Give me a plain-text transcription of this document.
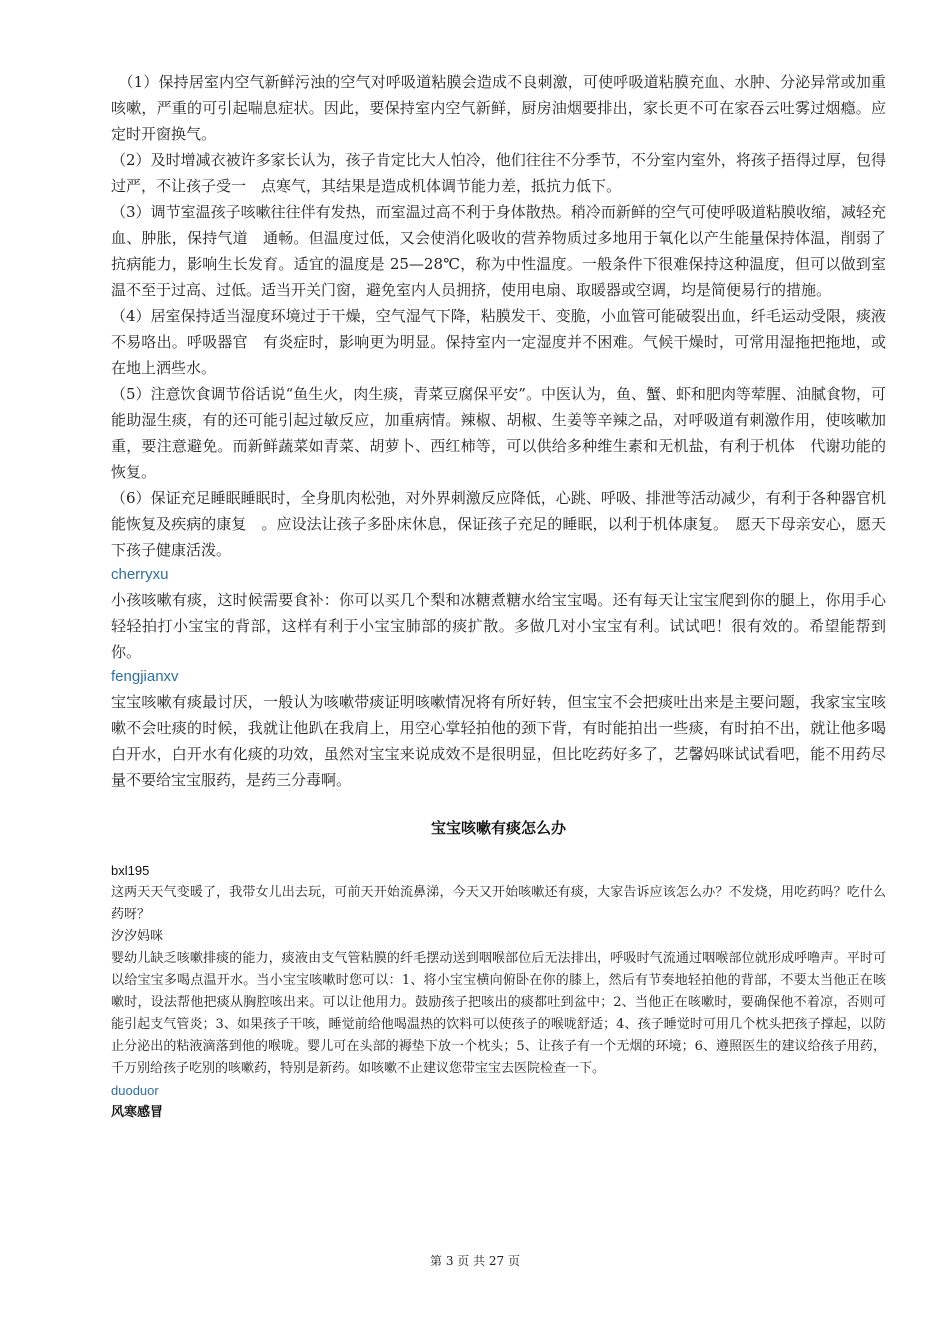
（1）保持居室内空气新鲜污浊的空气对呼吸道粘膜会造成不良刺激，可使呼吸道粘膜充血、水肿、分泌异常或加重咳嗽，严重的可引起喘息症状。因此，要保持室内空气新鲜，厨房油烟要排出，家长更不可在家吞云吐雾过烟瘾。应定时开窗换气。

（2）及时增减衣被许多家长认为，孩子肯定比大人怕冷，他们往往不分季节，不分室内室外，将孩子捂得过厚，包得过严，不让孩子受一　点寒气，其结果是造成机体调节能力差，抵抗力低下。

（3）调节室温孩子咳嗽往往伴有发热，而室温过高不利于身体散热。稍冷而新鲜的空气可使呼吸道粘膜收缩，减轻充血、肿胀，保持气道　通畅。但温度过低，又会使消化吸收的营养物质过多地用于氧化以产生能量保持体温，削弱了抗病能力，影响生长发育。适宜的温度是 25—28℃，称为中性温度。一般条件下很难保持这种温度，但可以做到室温不至于过高、过低。适当开关门窗，避免室内人员拥挤，使用电扇、取暖器或空调，均是简便易行的措施。

（4）居室保持适当湿度环境过于干燥，空气湿气下降，粘膜发干、变脆，小血管可能破裂出血，纤毛运动受限，痰液不易咯出。呼吸器官　有炎症时，影响更为明显。保持室内一定湿度并不困难。气候干燥时，可常用湿拖把拖地，或在地上洒些水。

（5）注意饮食调节俗话说“鱼生火，肉生痰，青菜豆腐保平安”。中医认为，鱼、蟹、虾和肥肉等荤腥、油腻食物，可能助湿生痰，有的还可能引起过敏反应，加重病情。辣椒、胡椒、生姜等辛辣之品，对呼吸道有刺激作用，使咳嗽加重，要注意避免。而新鲜蔬菜如青菜、胡萝卜、西红柿等，可以供给多种维生素和无机盐，有利于机体　代谢功能的恢复。

（6）保证充足睡眠睡眠时，全身肌肉松弛，对外界刺激反应降低，心跳、呼吸、排泄等活动减少，有利于各种器官机能恢复及疾病的康复　。应设法让孩子多卧床休息，保证孩子充足的睡眠，以利于机体康复。　愿天下母亲安心，愿天下孩子健康活泼。

cherryxu

小孩咳嗽有痰，这时候需要食补：你可以买几个梨和冰糖煮糖水给宝宝喝。还有每天让宝宝爬到你的腿上，你用手心轻轻拍打小宝宝的背部，这样有利于小宝宝肺部的痰扩散。多做几对小宝宝有利。试试吧！很有效的。希望能帮到你。

fengjianxv

宝宝咳嗽有痰最讨厌，一般认为咳嗽带痰证明咳嗽情况将有所好转，但宝宝不会把痰吐出来是主要问题，我家宝宝咳嗽不会吐痰的时候，我就让他趴在我肩上，用空心掌轻拍他的颈下背，有时能拍出一些痰，有时拍不出，就让他多喝白开水，白开水有化痰的功效，虽然对宝宝来说成效不是很明显，但比吃药好多了，艺馨妈咪试试看吧，能不用药尽量不要给宝宝服药，是药三分毒啊。

宝宝咳嗽有痰怎么办

bxl195

这两天天气变暖了，我带女儿出去玩，可前天开始流鼻涕，今天又开始咳嗽还有痰，大家告诉应该怎么办？不发烧，用吃药吗？吃什么药呀？

汐汐妈咪

婴幼儿缺乏咳嗽排痰的能力，痰液由支气管粘膜的纤毛摆动送到咽喉部位后无法排出，呼吸时气流通过咽喉部位就形成呼噜声。平时可以给宝宝多喝点温开水。当小宝宝咳嗽时您可以：1、将小宝宝横向俯卧在你的膝上，然后有节奏地轻拍他的背部，不要太当他正在咳嗽时，设法帮他把痰从胸腔咳出来。可以让他用力。鼓励孩子把咳出的痰都吐到盆中；2、当他正在咳嗽时，要确保他不着凉，否则可能引起支气管炎；3、如果孩子干咳，睡觉前给他喝温热的饮料可以使孩子的喉咙舒适；4、孩子睡觉时可用几个枕头把孩子撑起，以防止分泌出的粘液滴落到他的喉咙。婴儿可在头部的褥垫下放一个枕头；5、让孩子有一个无烟的环境；6、遵照医生的建议给孩子用药，千万别给孩子吃别的咳嗽药，特别是新药。如咳嗽不止建议您带宝宝去医院检查一下。

duoduor

风寒感冒

第 3 页 共 27 页
